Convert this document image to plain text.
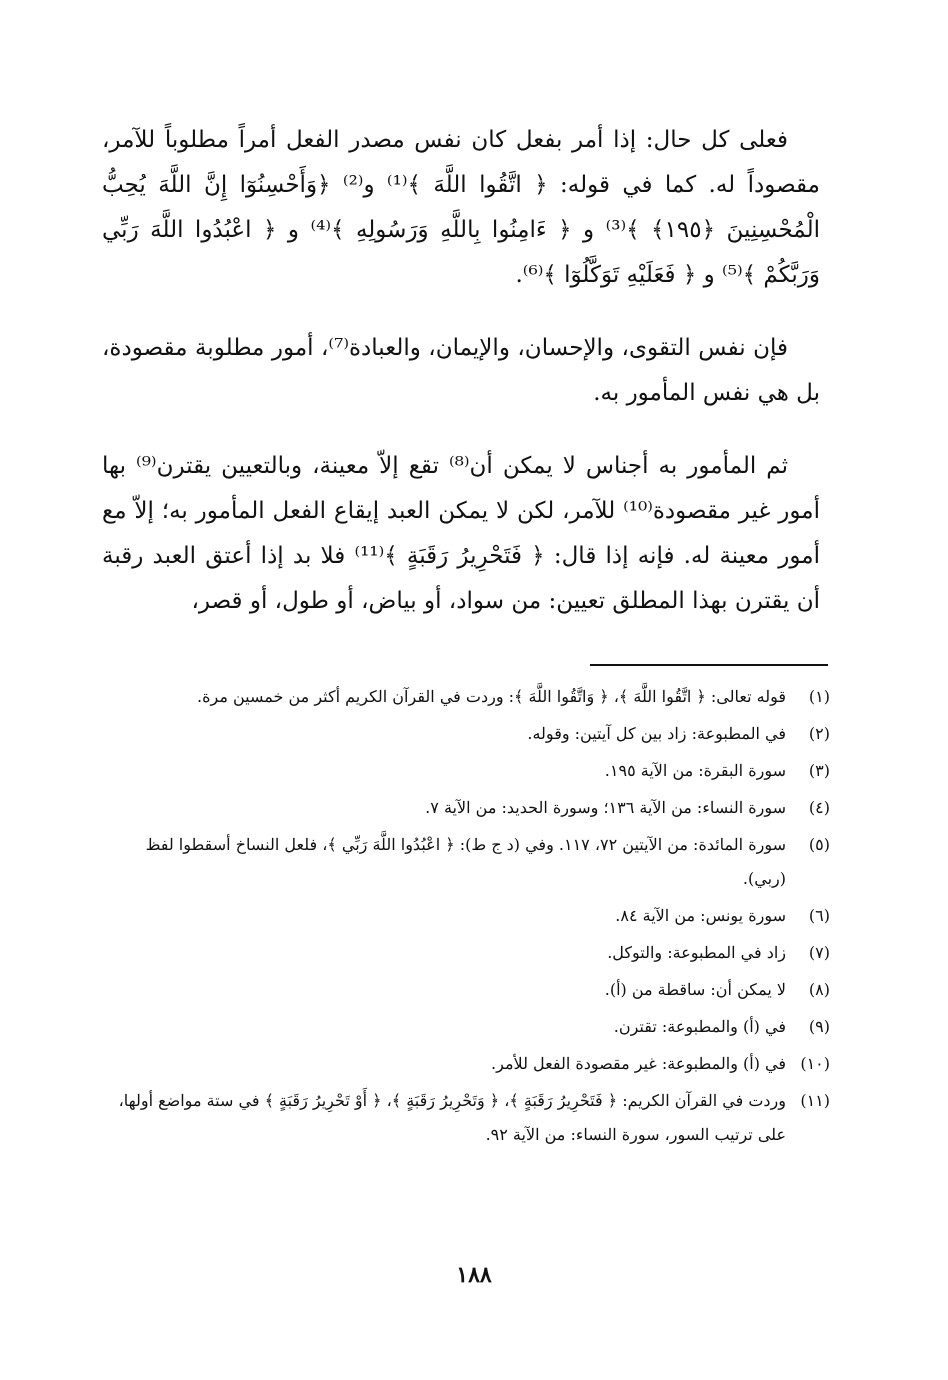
فعلى كل حال: إذا أمر بفعل كان نفس مصدر الفعل أمراً مطلوباً للآمر، مقصوداً له. كما في قوله: ﴿ اتَّقُوا اللَّهَ ﴾⁽¹⁾ و⁽²⁾ ﴿وَأَحْسِنُوٓا إِنَّ اللَّهَ يُحِبُّ الْمُحْسِنِينَ ﴿١٩٥﴾ ﴾⁽³⁾ و ﴿ ءَامِنُوا بِاللَّهِ وَرَسُولِهِ ﴾⁽⁴⁾ و ﴿ اعْبُدُوا اللَّهَ رَبِّي وَرَبَّكُمْ ﴾⁽⁵⁾ و ﴿ فَعَلَيْهِ تَوَكَّلُوٓا ﴾⁽⁶⁾.

فإن نفس التقوى، والإحسان، والإيمان، والعبادة⁽⁷⁾، أمور مطلوبة مقصودة، بل هي نفس المأمور به.

ثم المأمور به أجناس لا يمكن أن⁽⁸⁾ تقع إلاّ معينة، وبالتعيين يقترن⁽⁹⁾ بها أمور غير مقصودة⁽¹⁰⁾ للآمر، لكن لا يمكن العبد إيقاع الفعل المأمور به؛ إلاّ مع أمور معينة له. فإنه إذا قال: ﴿ فَتَحْرِيرُ رَقَبَةٍ ﴾⁽¹¹⁾ فلا بد إذا أعتق العبد رقبة أن يقترن بهذا المطلق تعيين: من سواد، أو بياض، أو طول، أو قصر،

(١)
قوله تعالى: ﴿ اتَّقُوا اللَّهَ ﴾، ﴿ وَاتَّقُوا اللَّهَ ﴾: وردت في القرآن الكريم أكثر من خمسين مرة.
(٢)
في المطبوعة: زاد بين كل آيتين: وقوله.
(٣)
سورة البقرة: من الآية ١٩٥.
(٤)
سورة النساء: من الآية ١٣٦؛ وسورة الحديد: من الآية ٧.
(٥)
سورة المائدة: من الآيتين ٧٢، ١١٧. وفي (د ج ط): ﴿ اعْبُدُوا اللَّهَ رَبِّي ﴾، فلعل النساخ أسقطوا لفظ (ربي).
(٦)
سورة يونس: من الآية ٨٤.
(٧)
زاد في المطبوعة: والتوكل.
(٨)
لا يمكن أن: ساقطة من (أ).
(٩)
في (أ) والمطبوعة: تقترن.
(١٠)
في (أ) والمطبوعة: غير مقصودة الفعل للأمر.
(١١)
وردت في القرآن الكريم: ﴿ فَتَحْرِيرُ رَقَبَةٍ ﴾، ﴿ وَتَحْرِيرُ رَقَبَةٍ ﴾، ﴿ أَوْ تَحْرِيرُ رَقَبَةٍ ﴾ في ستة مواضع أولها، على ترتيب السور، سورة النساء: من الآية ٩٢.
١٨٨
